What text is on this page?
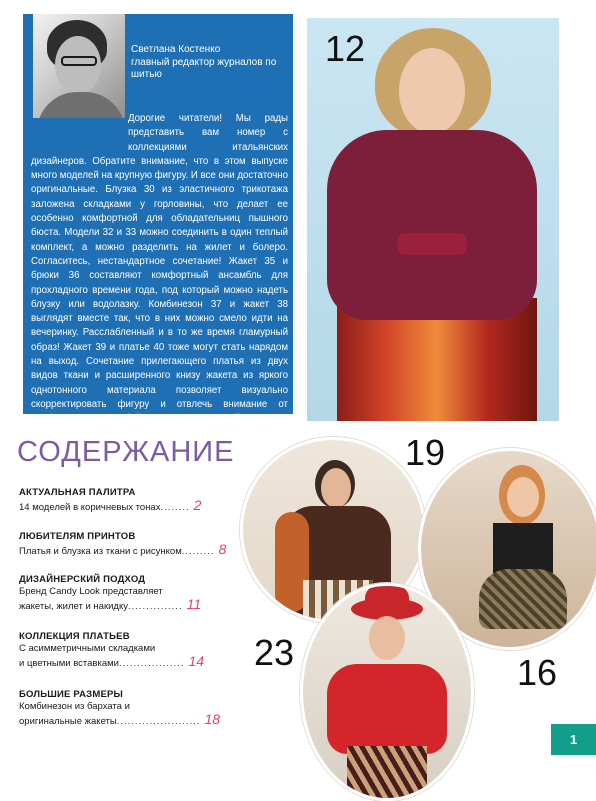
Светлана Костенко
главный редактор журналов по шитью
Дорогие читатели! Мы рады представить вам номер с коллекциями итальянских дизайнеров. Обратите внимание, что в этом выпуске много моделей на крупную фигуру. И все они достаточно оригинальные. Блузка 30 из эластичного трикотажа заложена складками у горловины, что делает ее особенно комфортной для обладательниц пышного бюста. Модели 32 и 33 можно соединить в один теплый комплект, а можно разделить на жилет и болеро. Согласитесь, нестандартное сочетание! Жакет 35 и брюки 36 составляют комфортный ансамбль для прохладного времени года, под который можно надеть блузку или водолазку. Комбинезон 37 и жакет 38 выглядят вместе так, что в них можно смело идти на вечеринку. Расслабленный и в то же время гламурный образ! Жакет 39 и платье 40 тоже могут стать нарядом на выход. Сочетание прилегающего платья из двух видов ткани и расширенного книзу жакета из яркого однотонного материала позволяет визуально скорректировать фигуру и отвлечь внимание от проблемных зон. Не бойтесь смелых решений!
12
СОДЕРЖАНИЕ
АКТУАЛЬНАЯ ПАЛИТРА
14 моделей в коричневых тонах ........ 2
ЛЮБИТЕЛЯМ ПРИНТОВ
Платья и блузка из ткани с рисунком ......... 8
ДИЗАЙНЕРСКИЙ ПОДХОД
Бренд Candy Look представляет
жакеты, жилет и накидку ............... 11
КОЛЛЕКЦИЯ ПЛАТЬЕВ
С асимметричными складками
и цветными вставками .................. 14
БОЛЬШИЕ РАЗМЕРЫ
Комбинезон из бархата и
оригинальные жакеты ....................... 18
19
23	16
1
